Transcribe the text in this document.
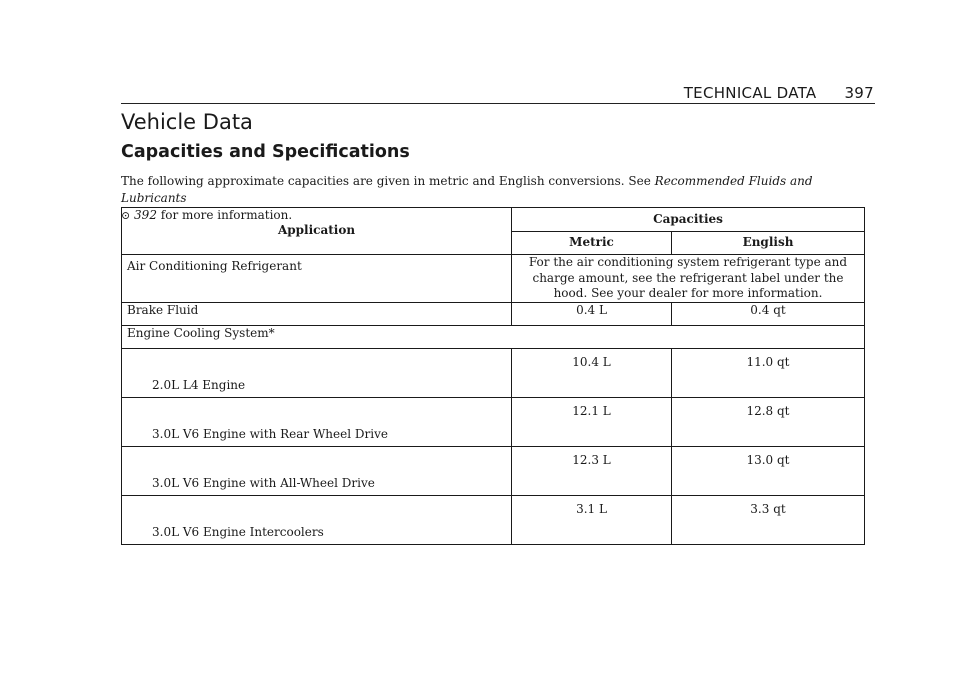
TECHNICAL DATA 397
Vehicle Data
Capacities and Specifications

The following approximate capacities are given in metric and English conversions. See Recommended Fluids and Lubricants
⊙ 392 for more information.

Application	Capacities	
	Metric	English
Air Conditioning Refrigerant	For the air conditioning system refrigerant type and charge amount, see the refrigerant label under the hood. See your dealer for more information.	
Brake Fluid	0.4 L	0.4 qt
Engine Cooling System*		
2.0L L4 Engine	10.4 L	11.0 qt
3.0L V6 Engine with Rear Wheel Drive	12.1 L	12.8 qt
3.0L V6 Engine with All-Wheel Drive	12.3 L	13.0 qt
3.0L V6 Engine Intercoolers	3.1 L	3.3 qt
